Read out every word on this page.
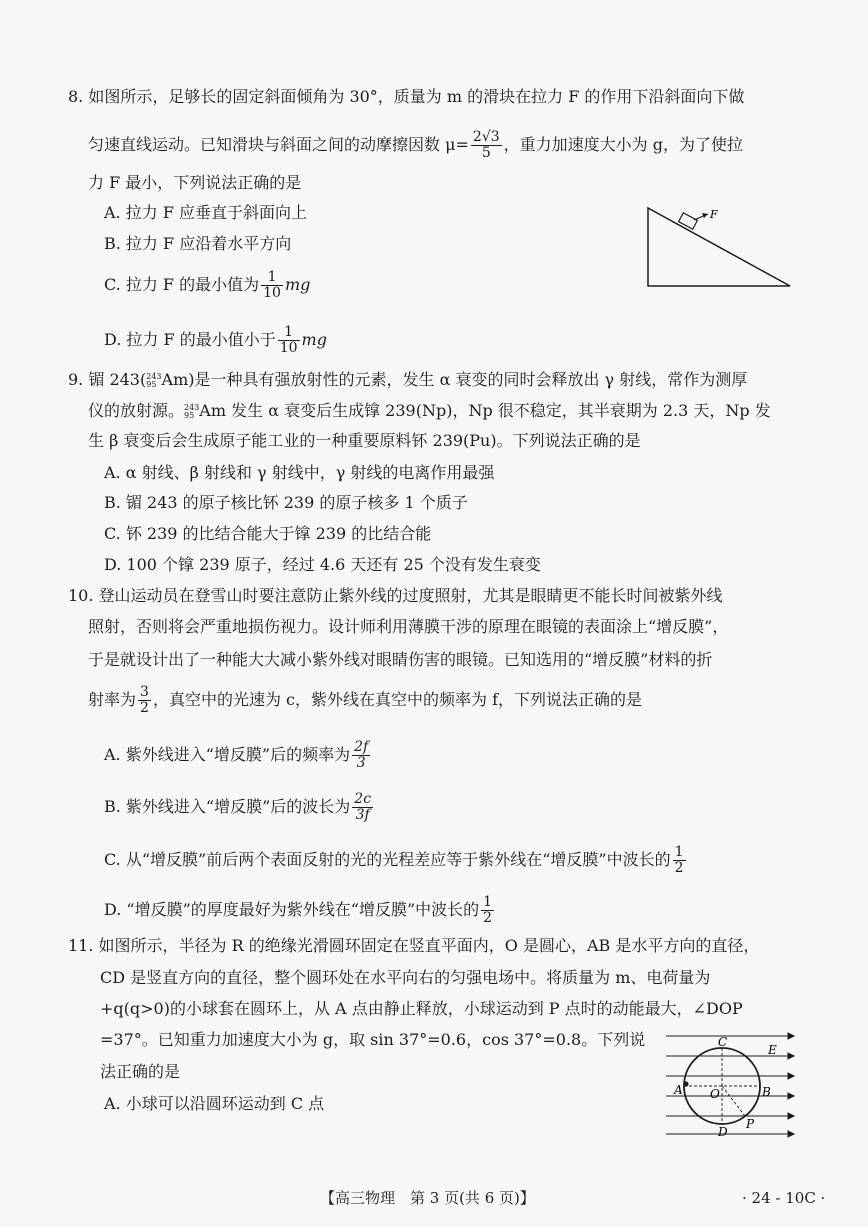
8. 如图所示，足够长的固定斜面倾角为 30°，质量为 m 的滑块在拉力 F 的作用下沿斜面向下做
匀速直线运动。已知滑块与斜面之间的动摩擦因数 $\mu= \frac{2√3}{5}$ ，重力加速度大小为 g，为了使拉
力 F 最小，下列说法正确的是
A. 拉力 F 应垂直于斜面向上
B. 拉力 F 应沿着水平方向
C. 拉力 F 的最小值为 $\frac{1}{10}$ mg
D. 拉力 F 的最小值小于 $\frac{1}{10}$ mg
F
9. 镅 243( 243
95 Am)是一种具有强放射性的元素，发生 α 衰变的同时会释放出 γ 射线，常作为测厚
仪的放射源。 243
95 Am 发生 α 衰变后生成镎 239(Np)，Np 很不稳定，其半衰期为 2.3 天，Np 发
生 β 衰变后会生成原子能工业的一种重要原料钚 239(Pu)。下列说法正确的是
A. α 射线、β 射线和 γ 射线中，γ 射线的电离作用最强
B. 镅 243 的原子核比钚 239 的原子核多 1 个质子
C. 钚 239 的比结合能大于镎 239 的比结合能
D. 100 个镎 239 原子，经过 4.6 天还有 25 个没有发生衰变
10. 登山运动员在登雪山时要注意防止紫外线的过度照射，尤其是眼睛更不能长时间被紫外线
照射，否则将会严重地损伤视力。设计师利用薄膜干涉的原理在眼镜的表面涂上“增反膜”，
于是就设计出了一种能大大减小紫外线对眼睛伤害的眼镜。已知选用的“增反膜”材料的折
射率为 $\frac{3}{2}$ ，真空中的光速为 c，紫外线在真空中的频率为 f，下列说法正确的是
A. 紫外线进入“增反膜”后的频率为 $\frac{2f}{3}$
B. 紫外线进入“增反膜”后的波长为 $\frac{2c}{3f}$
C. 从“增反膜”前后两个表面反射的光的光程差应等于紫外线在“增反膜”中波长的 $\frac{1}{2}$
D. “增反膜”的厚度最好为紫外线在“增反膜”中波长的 $\frac{1}{2}$
11. 如图所示，半径为 R 的绝缘光滑圆环固定在竖直平面内，O 是圆心，AB 是水平方向的直径，
CD 是竖直方向的直径，整个圆环处在水平向右的匀强电场中。将质量为 m、电荷量为
+q(q>0)的小球套在圆环上，从 A 点由静止释放，小球运动到 P 点时的动能最大，∠DOP
=37°。已知重力加速度大小为 g，取 sin 37°=0.6，cos 37°=0.8。下列说
法正确的是
A. 小球可以沿圆环运动到 C 点
C
E
A O	B
D
P
【高三物理　第 3 页(共 6 页)】	· 24 - 10C ·
